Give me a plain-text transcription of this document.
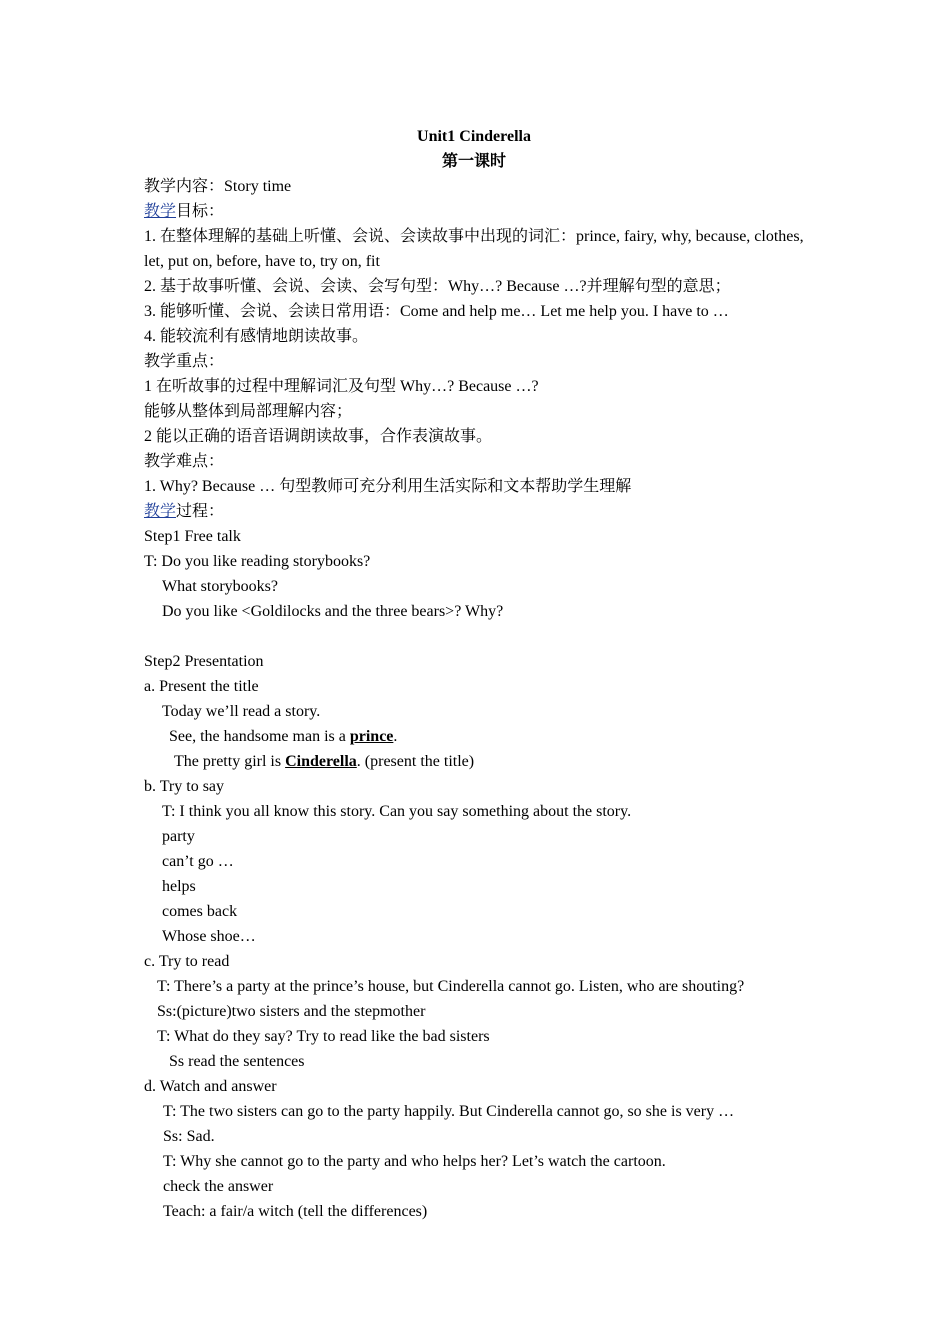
Unit1 Cinderella
第一课时
教学内容：Story time
教学目标：
1. 在整体理解的基础上听懂、会说、会读故事中出现的词汇：prince, fairy, why, because, clothes, let, put on, before, have to, try on, fit
2. 基于故事听懂、会说、会读、会写句型：Why…? Because …?并理解句型的意思；
3. 能够听懂、会说、会读日常用语：Come and help me… Let me help you. I have to …
4. 能较流利有感情地朗读故事。
教学重点：
1 在听故事的过程中理解词汇及句型 Why…? Because …?
能够从整体到局部理解内容；
2 能以正确的语音语调朗读故事，合作表演故事。
教学难点：
1. Why? Because … 句型教师可充分利用生活实际和文本帮助学生理解
教学过程：
Step1 Free talk
T: Do you like reading storybooks?
What storybooks?
Do you like <Goldilocks and the three bears>? Why?
Step2 Presentation
a. Present the title
Today we’ll read a story.
See, the handsome man is a prince.
The pretty girl is Cinderella. (present the title)
b. Try to say
T: I think you all know this story. Can you say something about the story.
party
can’t go …
helps
comes back
Whose shoe…
c. Try to read
T: There’s a party at the prince’s house, but Cinderella cannot go. Listen, who are shouting?
Ss:(picture)two sisters and the stepmother
T: What do they say? Try to read like the bad sisters
Ss read the sentences
d. Watch and answer
T: The two sisters can go to the party happily. But Cinderella cannot go, so she is very …
Ss: Sad.
T: Why she cannot go to the party and who helps her? Let’s watch the cartoon.
check the answer
Teach: a fair/a witch (tell the differences)
